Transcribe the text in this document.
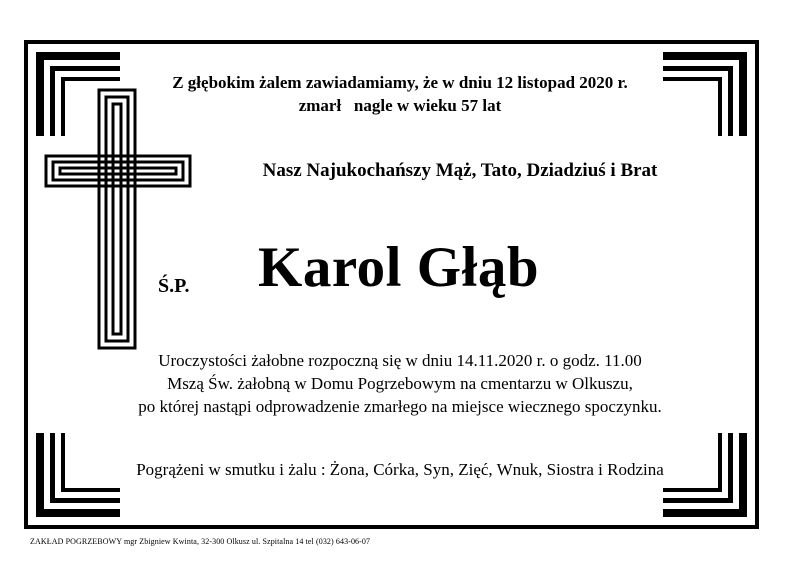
Z głębokim żalem zawiadamiamy, że w dniu 12 listopad 2020 r.
zmarł   nagle w wieku 57 lat
Nasz Najukochańszy Mąż, Tato, Dziadziuś i Brat
Ś.P. Karol Głąb
Uroczystości żałobne rozpoczną się w dniu 14.11.2020 r. o godz. 11.00
Mszą Św. żałobną w Domu Pogrzebowym na cmentarzu w Olkuszu,
po której nastąpi odprowadzenie zmarłego na miejsce wiecznego spoczynku.
Pogrążeni w smutku i żalu : Żona, Córka, Syn, Zięć, Wnuk, Siostra i Rodzina
ZAKŁAD POGRZEBOWY mgr Zbigniew Kwinta, 32-300 Olkusz ul. Szpitalna 14 tel (032) 643-06-07
